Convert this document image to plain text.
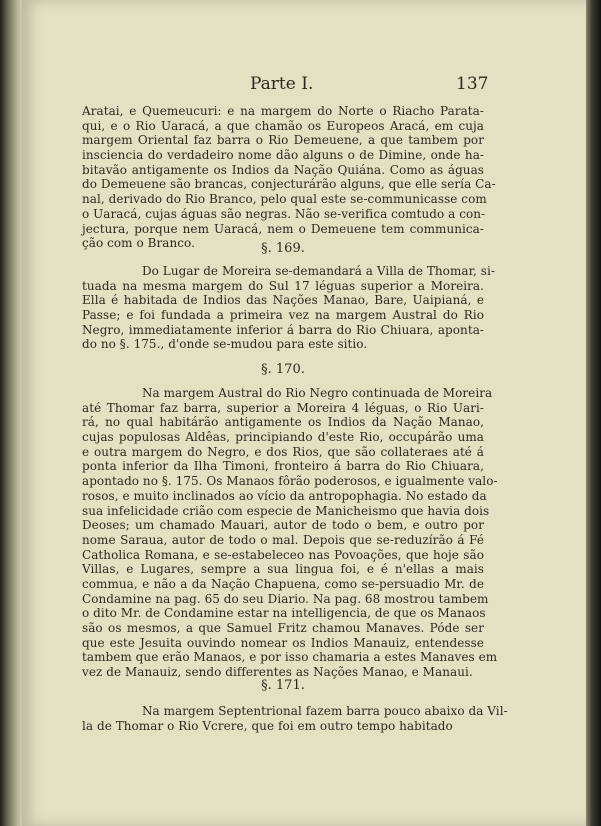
Parte I.	137
Aratai, e Quemeucuri: e na margem do Norte o Riacho Parata-
qui, e o Rio Uaracá, a que chamão os Europeos Aracá, em cuja
margem Oriental faz barra o Rio Demeuene, a que tambem por
insciencia do verdadeiro nome dão alguns o de Dimine, onde ha-
bitavão antigamente os Indios da Nação Quiána. Como as águas
do Demeuene são brancas, conjecturárão alguns, que elle sería Ca-
nal, derivado do Rio Branco, pelo qual este se-communicasse com
o Uaracá, cujas águas são negras. Não se-verifica comtudo a con-
jectura, porque nem Uaracá, nem o Demeuene tem communica-
ção com o Branco.	§. 169.
Do Lugar de Moreira se-demandará a Villa de Thomar, si-
tuada na mesma margem do Sul 17 léguas superior a Moreira.
Ella é habitada de Indios das Nações Manao, Bare, Uaipianá, e
Passe; e foi fundada a primeira vez na margem Austral do Rio
Negro, immediatamente inferior á barra do Rio Chiuara, aponta-
do no §. 175., d'onde se-mudou para este sitio.
§. 170.
Na margem Austral do Rio Negro continuada de Moreira
até Thomar faz barra, superior a Moreira 4 léguas, o Rio Uari-
rá, no qual habitárão antigamente os Indios da Nação Manao,
cujas populosas Aldêas, principiando d'este Rio, occupárão uma
e outra margem do Negro, e dos Rios, que são collateraes até á
ponta inferior da Ilha Timoni, fronteiro á barra do Rio Chiuara,
apontado no §. 175. Os Manaos fôrão poderosos, e igualmente valo-
rosos, e muito inclinados ao vício da antropophagia. No estado da
sua infelicidade crião com especie de Manicheismo que havia dois
Deoses; um chamado Mauari, autor de todo o bem, e outro por
nome Saraua, autor de todo o mal. Depois que se-reduzírão á Fé
Catholica Romana, e se-estabeleceo nas Povoações, que hoje são
Villas, e Lugares, sempre a sua linguа foi, e é n'ellas a mais
commua, e não a da Nação Chapuena, como se-persuadio Mr. de
Condamine na pag. 65 do seu Diario. Na pag. 68 mostrou tambem
o dito Mr. de Condamine estar na intelligencia, de que os Manaos
são os mesmos, a que Samuel Fritz chamou Manaves. Póde ser
que este Jesuita ouvindo nomear os Indios Manauiz, entendesse
tambem que erão Manaos, e por isso chamaria a estes Manaves em
vez de Manauiz, sendo differentes as Nações Manao, e Manaui.
§. 171.
Na margem Septentrional fazem barra pouco abaixo da Vil-
la de Thomar o Rio Vcrere, que foi em outro tempo habitado
